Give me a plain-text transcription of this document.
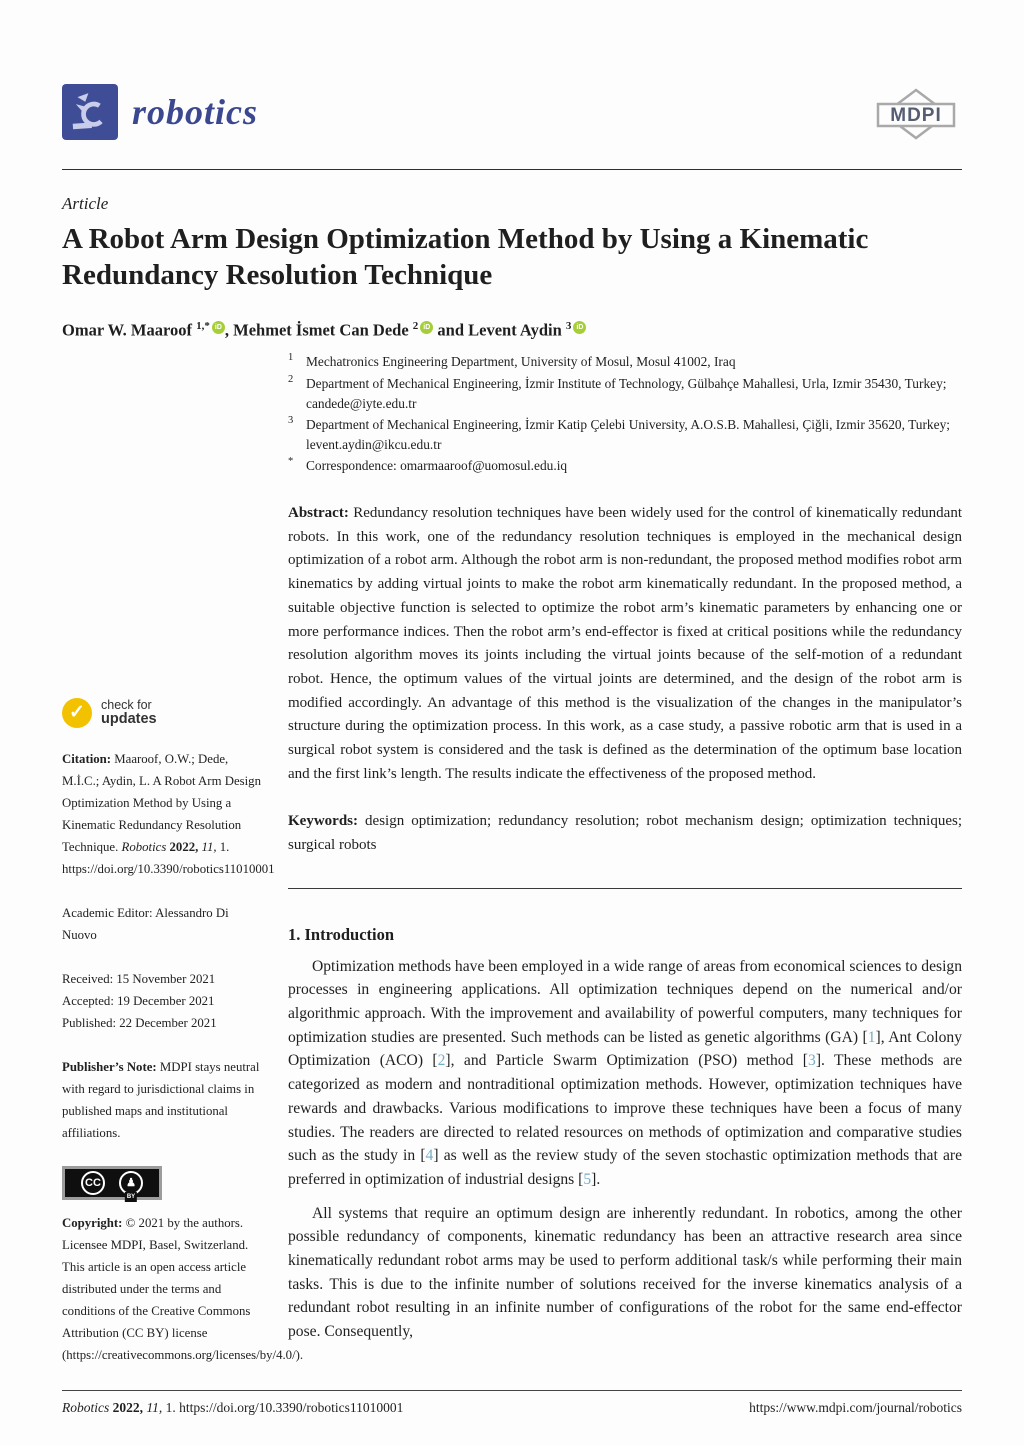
robotics	MDPI
Article
A Robot Arm Design Optimization Method by Using a Kinematic Redundancy Resolution Technique
Omar W. Maaroof $^{1,*}$ iD , Mehmet İsmet Can Dede $^2$ iD and Levent Aydin $^3$ iD
✓ check for
updates

Citation: Maaroof, O.W.; Dede, M.İ.C.; Aydin, L. A Robot Arm Design Optimization Method by Using a Kinematic Redundancy Resolution Technique. Robotics 2022, 11, 1. https://doi.org/10.3390/robotics11010001

Academic Editor: Alessandro Di Nuovo

Received: 15 November 2021
Accepted: 19 December 2021
Published: 22 December 2021

Publisher’s Note: MDPI stays neutral with regard to jurisdictional claims in published maps and institutional affiliations.

CC	♟
BY

Copyright: © 2021 by the authors. Licensee MDPI, Basel, Switzerland. This article is an open access article distributed under the terms and conditions of the Creative Commons Attribution (CC BY) license (https://creativecommons.org/licenses/by/4.0/).

1 Mechatronics Engineering Department, University of Mosul, Mosul 41002, Iraq
2 Department of Mechanical Engineering, İzmir Institute of Technology, Gülbahçe Mahallesi, Urla, Izmir 35430, Turkey; candede@iyte.edu.tr
3 Department of Mechanical Engineering, İzmir Katip Çelebi University, A.O.S.B. Mahallesi, Çiğli, Izmir 35620, Turkey; levent.aydin@ikcu.edu.tr
* Correspondence: omarmaaroof@uomosul.edu.iq
Abstract: Redundancy resolution techniques have been widely used for the control of kinematically redundant robots. In this work, one of the redundancy resolution techniques is employed in the mechanical design optimization of a robot arm. Although the robot arm is non-redundant, the proposed method modifies robot arm kinematics by adding virtual joints to make the robot arm kinematically redundant. In the proposed method, a suitable objective function is selected to optimize the robot arm’s kinematic parameters by enhancing one or more performance indices. Then the robot arm’s end-effector is fixed at critical positions while the redundancy resolution algorithm moves its joints including the virtual joints because of the self-motion of a redundant robot. Hence, the optimum values of the virtual joints are determined, and the design of the robot arm is modified accordingly. An advantage of this method is the visualization of the changes in the manipulator’s structure during the optimization process. In this work, as a case study, a passive robotic arm that is used in a surgical robot system is considered and the task is defined as the determination of the optimum base location and the first link’s length. The results indicate the effectiveness of the proposed method.
Keywords: design optimization; redundancy resolution; robot mechanism design; optimization techniques; surgical robots
1. Introduction

Optimization methods have been employed in a wide range of areas from economical sciences to design processes in engineering applications. All optimization techniques depend on the numerical and/or algorithmic approach. With the improvement and availability of powerful computers, many techniques for optimization studies are presented. Such methods can be listed as genetic algorithms (GA) [1], Ant Colony Optimization (ACO) [2], and Particle Swarm Optimization (PSO) method [3]. These methods are categorized as modern and nontraditional optimization methods. However, optimization techniques have rewards and drawbacks. Various modifications to improve these techniques have been a focus of many studies. The readers are directed to related resources on methods of optimization and comparative studies such as the study in [4] as well as the review study of the seven stochastic optimization methods that are preferred in optimization of industrial designs [5].

All systems that require an optimum design are inherently redundant. In robotics, among the other possible redundancy of components, kinematic redundancy has been an attractive research area since kinematically redundant robot arms may be used to perform additional task/s while performing their main tasks. This is due to the infinite number of solutions received for the inverse kinematics analysis of a redundant robot resulting in an infinite number of configurations of the robot for the same end-effector pose. Consequently,

Robotics 2022, 11, 1. https://doi.org/10.3390/robotics11010001	https://www.mdpi.com/journal/robotics
